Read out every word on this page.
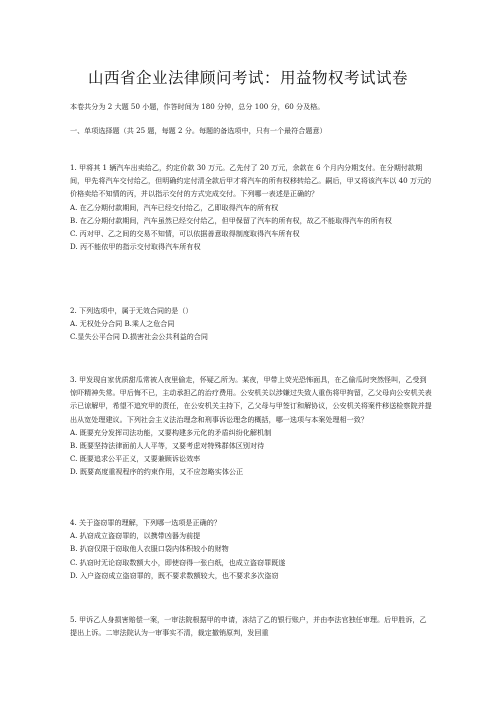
山西省企业法律顾问考试：用益物权考试试卷
本卷共分为 2 大题 50 小题，作答时间为 180 分钟，总分 100 分，60 分及格。
一、单项选择题（共 25 题，每题 2 分。每题的备选项中，只有一个最符合题意）

1. 甲将其 1 辆汽车出卖给乙，约定价款 30 万元。乙先付了 20 万元，余款在 6 个月内分期支付。在分期付款期间，甲先将汽车交付给乙，但明确约定付清全款后甲才将汽车的所有权移转给乙。嗣后，甲又将该汽车以 40 万元的价格卖给不知情的丙，并以指示交付的方式完成交付。下列哪一表述是正确的？

A. 在乙分期付款期间，汽车已经交付给乙，乙即取得汽车的所有权

B. 在乙分期付款期间，汽车虽然已经交付给乙，但甲保留了汽车的所有权，故乙不能取得汽车的所有权

C. 丙对甲、乙之间的交易不知情，可以依据善意取得制度取得汽车所有权

D. 丙不能依甲的指示交付取得汽车所有权

2. 下列选项中，属于无效合同的是（）

A. 无权处分合同 B.乘人之危合同

C.显失公平合同 D.损害社会公共利益的合同

3. 甲发现自家优质甜瓜常被人夜里偷走，怀疑乙所为。某夜，甲带上荧光恐怖面具，在乙偷瓜时突然怪叫，乙受到惊吓精神失常。甲后悔不已，主动承担乙的治疗费用。公安机关以涉嫌过失致人重伤将甲拘留，乙父母向公安机关表示已谅解甲，希望不追究甲的责任，在公安机关主持下，乙父母与甲签订和解协议，公安机关将案件移送检察院并提出从宽处理建议。下列社会主义法治理念和刑事诉讼理念的概括，哪一选项与本案处理相一致？

A. 既要充分发挥司法功能，又要构建多元化的矛盾纠纷化解机制

B. 既要坚持法律面前人人平等，又要考虑对特殊群体区别对待

C. 既要追求公平正义，又要兼顾诉讼效率

D. 既要高度重视程序的约束作用，又不应忽略实体公正

4. 关于盗窃罪的理解，下列哪一选项是正确的？

A. 扒窃成立盗窃罪的，以携带凶器为前提

B. 扒窃仅限于窃取他人衣服口袋内体积较小的财物

C. 扒窃时无论窃取数额大小，即使窃得一张白纸，也成立盗窃罪既遂

D. 入户盗窃成立盗窃罪的，既不要求数额较大，也不要求多次盗窃

5. 甲诉乙人身损害赔偿一案，一审法院根据甲的申请，冻结了乙的银行账户，并由李法官独任审理。后甲胜诉，乙提出上诉。二审法院认为一审事实不清，裁定撤销原判，发回重
